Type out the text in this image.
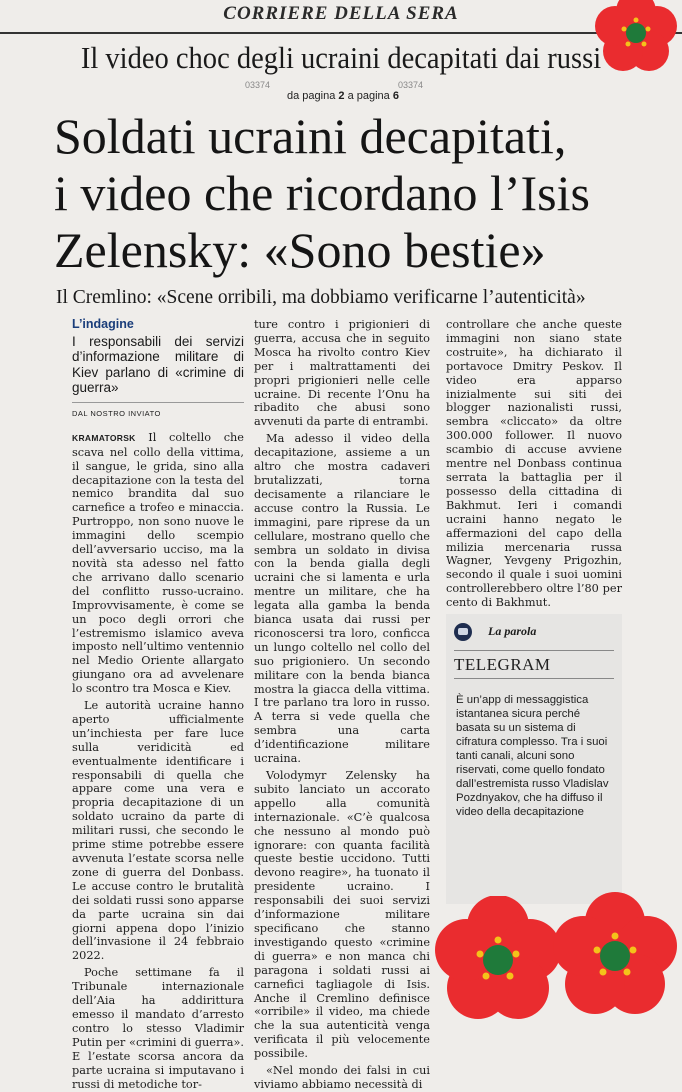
CORRIERE DELLA SERA
Il video choc degli ucraini decapitati dai russi
03374	03374
da pagina 2 a pagina 6
Soldati ucraini decapitati,
i video che ricordano l’Isis
Zelensky: «Sono bestie»
Il Cremlino: «Scene orribili, ma dobbiamo verificarne l’autenticità»
L’indagine
I responsabili dei servizi d’informazione militare di Kiev parlano di «crimine di guerra»
DAL NOSTRO INVIATO

KRAMATORSK Il coltello che scava nel collo della vittima, il sangue, le grida, sino alla decapitazione con la testa del nemico brandita dal suo carnefice a trofeo e minaccia. Purtroppo, non sono nuove le immagini dello scempio dell’avversario ucciso, ma la novità sta adesso nel fatto che arrivano dallo scenario del conflitto russo-ucraino. Improvvisamente, è come se un poco degli orrori che l’estremismo islamico aveva imposto nell’ultimo ventennio nel Medio Oriente allargato giungano ora ad avvelenare lo scontro tra Mosca e Kiev.

Le autorità ucraine hanno aperto ufficialmente un’inchiesta per fare luce sulla veridicità ed eventualmente identificare i responsabili di quella che appare come una vera e propria decapitazione di un soldato ucraino da parte di militari russi, che secondo le prime stime potrebbe essere avvenuta l’estate scorsa nelle zone di guerra del Donbass. Le accuse contro le brutalità dei soldati russi sono apparse da parte ucraina sin dai giorni appena dopo l’inizio dell’invasione il 24 febbraio 2022.

Poche settimane fa il Tribunale internazionale dell’Aia ha addirittura emesso il mandato d’arresto contro lo stesso Vladimir Putin per «crimini di guerra». E l’estate scorsa ancora da parte ucraina si imputavano i russi di metodiche tor-

ture contro i prigionieri di guerra, accusa che in seguito Mosca ha rivolto contro Kiev per i maltrattamenti dei propri prigionieri nelle celle ucraine. Di recente l’Onu ha ribadito che abusi sono avvenuti da parte di entrambi.

Ma adesso il video della decapitazione, assieme a un altro che mostra cadaveri brutalizzati, torna decisamente a rilanciare le accuse contro la Russia. Le immagini, pare riprese da un cellulare, mostrano quello che sembra un soldato in divisa con la benda gialla degli ucraini che si lamenta e urla mentre un militare, che ha legata alla gamba la benda bianca usata dai russi per riconoscersi tra loro, conficca un lungo coltello nel collo del suo prigioniero. Un secondo militare con la benda bianca mostra la giacca della vittima. I tre parlano tra loro in russo. A terra si vede quella che sembra una carta d’identificazione militare ucraina.

Volodymyr Zelensky ha subito lanciato un accorato appello alla comunità internazionale. «C’è qualcosa che nessuno al mondo può ignorare: con quanta facilità queste bestie uccidono. Tutti devono reagire», ha tuonato il presidente ucraino. I responsabili dei suoi servizi d’informazione militare specificano che stanno investigando questo «crimine di guerra» e non manca chi paragona i soldati russi ai carnefici tagliagole di Isis. Anche il Cremlino definisce «orribile» il video, ma chiede che la sua autenticità venga verificata il più velocemente possibile.

«Nel mondo dei falsi in cui viviamo abbiamo necessità di

controllare che anche queste immagini non siano state costruite», ha dichiarato il portavoce Dmitry Peskov. Il video era apparso inizialmente sui siti dei blogger nazionalisti russi, sembra «cliccato» da oltre 300.000 follower. Il nuovo scambio di accuse avviene mentre nel Donbass continua serrata la battaglia per il possesso della cittadina di Bakhmut. Ieri i comandi ucraini hanno negato le affermazioni del capo della milizia mercenaria russa Wagner, Yevgeny Prigozhin, secondo il quale i suoi uomini controllerebbero oltre l’80 per cento di Bakhmut.

La parola
TELEGRAM
È un’app di messaggistica istantanea sicura perché basata su un sistema di cifratura complesso. Tra i suoi tanti canali, alcuni sono riservati, come quello fondato dall’estremista russo Vladislav Pozdnyakov, che ha diffuso il video della decapitazione
